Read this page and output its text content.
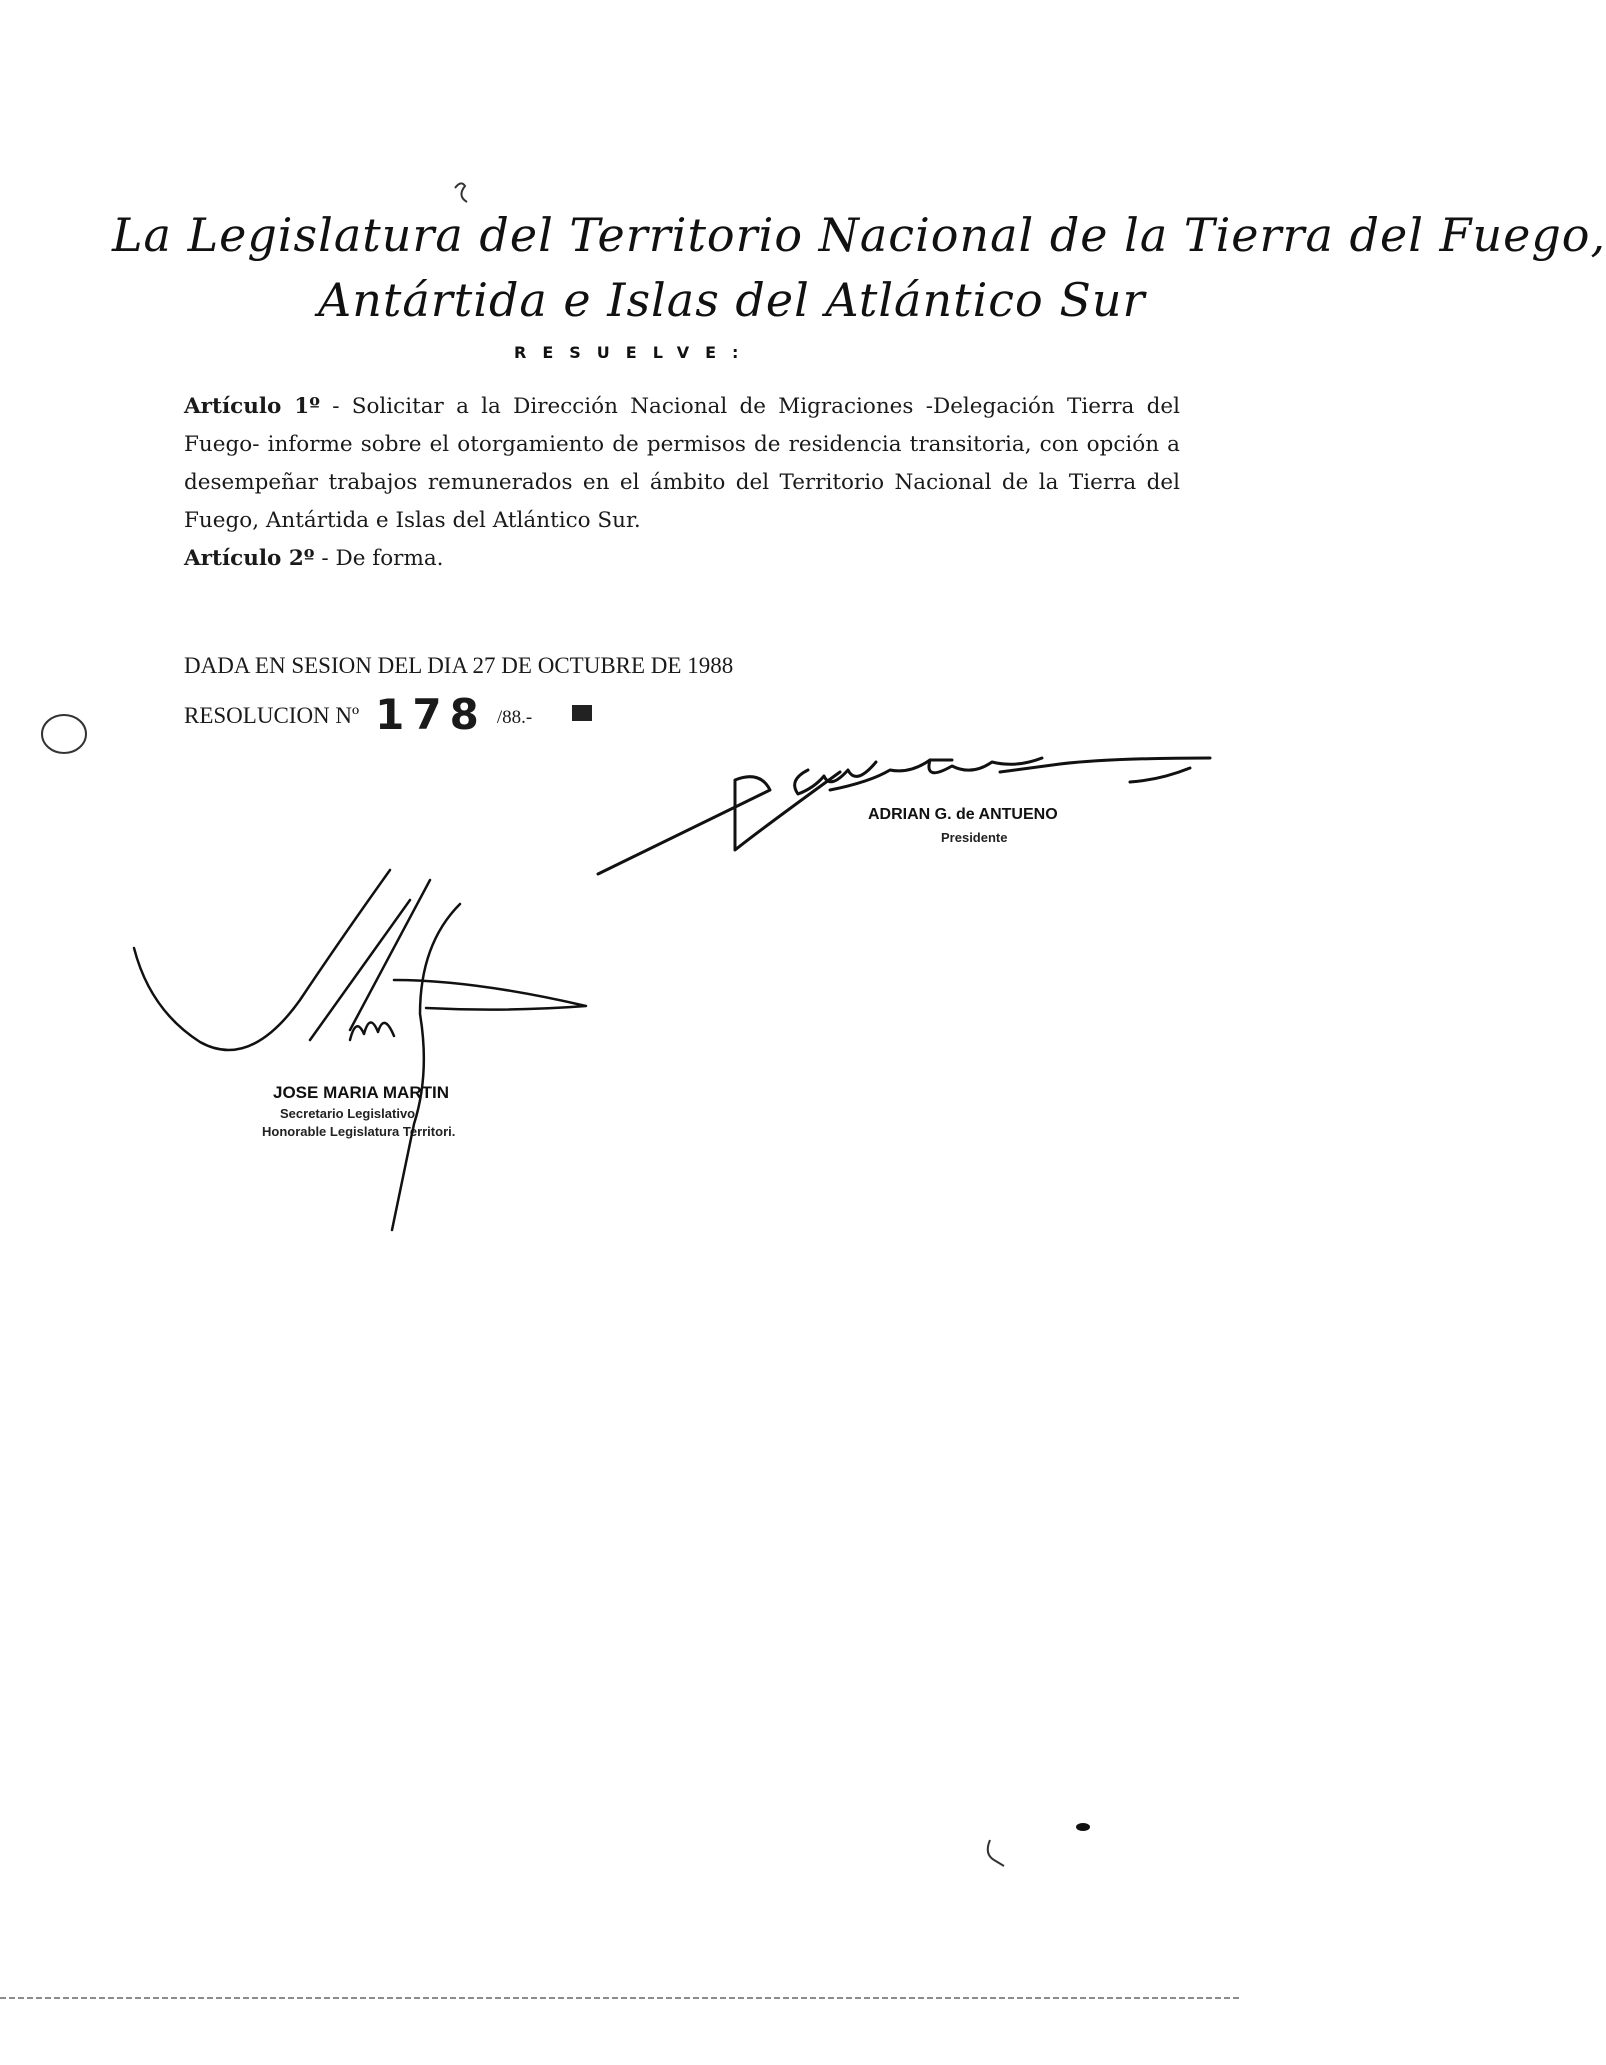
La Legislatura del Territorio Nacional de la Tierra del Fuego,
Antártida e Islas del Atlántico Sur
RESUELVE:

Artículo 1º - Solicitar a la Dirección Nacional de Migraciones -Delegación Tierra del Fuego- informe sobre el otorgamiento de permisos de residencia transitoria, con opción a desempeñar trabajos remunerados en el ámbito del Territorio Nacional de la Tierra del Fuego, Antártida e Islas del Atlántico Sur.

Artículo 2º - De forma.

DADA EN SESION DEL DIA 27 DE OCTUBRE DE 1988
RESOLUCION Nº 178 /88.-
ADRIAN G. de ANTUENO
Presidente
JOSE MARIA MARTIN
Secretario Legislativo
Honorable Legislatura Territori.
